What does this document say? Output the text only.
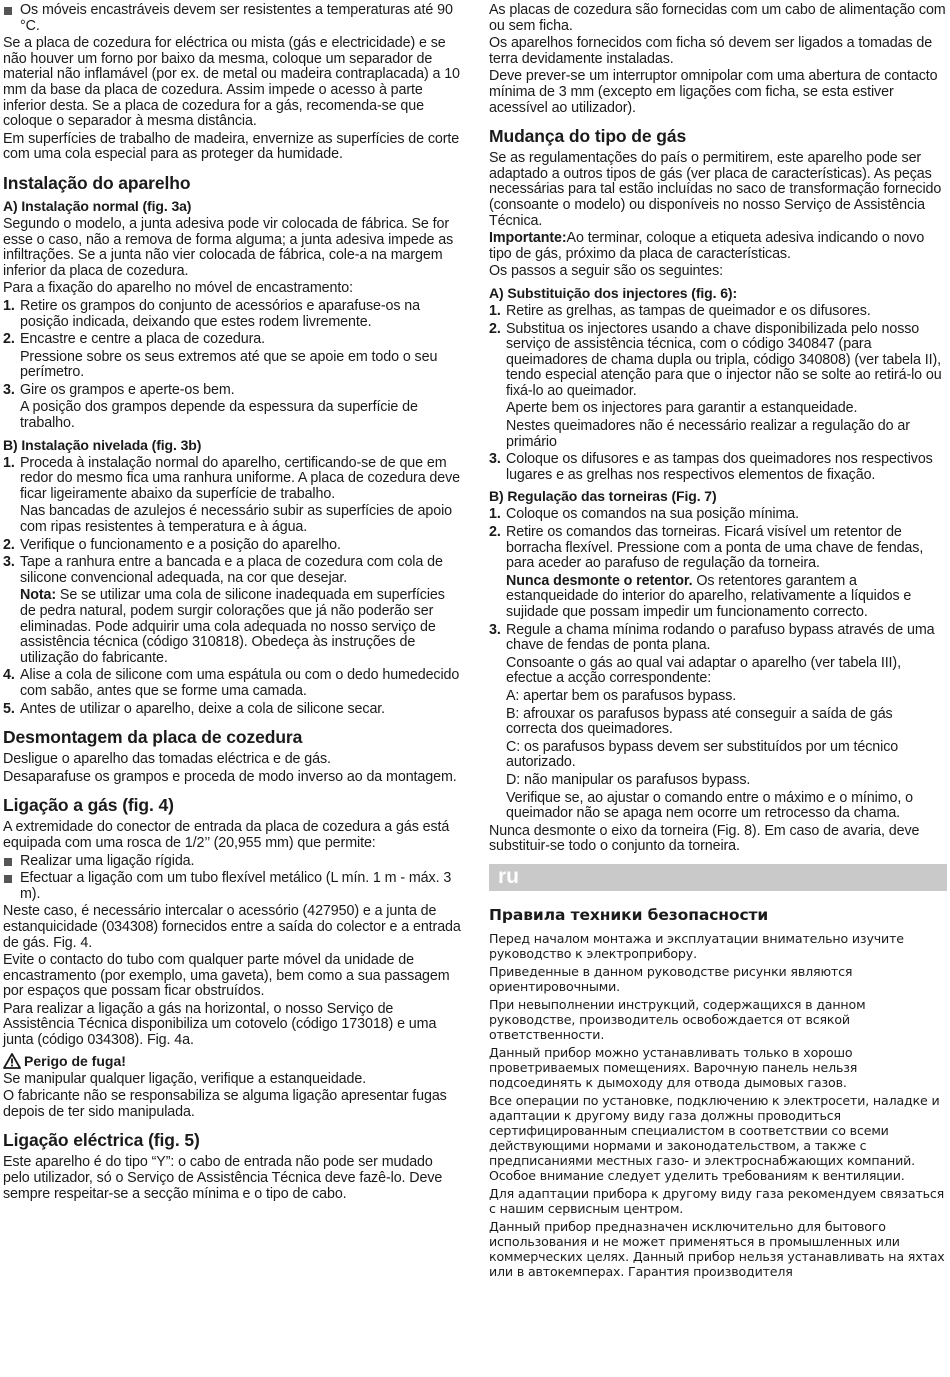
Os móveis encastráveis devem ser resistentes a temperaturas até 90 °C.

Se a placa de cozedura for eléctrica ou mista (gás e electricidade) e se não houver um forno por baixo da mesma, coloque um separador de material não inflamável (por ex. de metal ou madeira contraplacada) a 10 mm da base da placa de cozedura. Assim impede o acesso à parte inferior desta. Se a placa de cozedura for a gás, recomenda-se que coloque o separador à mesma distância.

Em superfícies de trabalho de madeira, envernize as superfícies de corte com uma cola especial para as proteger da humidade.

Instalação do aparelho
A) Instalação normal (fig. 3a)

Segundo o modelo, a junta adesiva pode vir colocada de fábrica. Se for esse o caso, não a remova de forma alguma; a junta adesiva impede as infiltrações. Se a junta não vier colocada de fábrica, cole-a na margem inferior da placa de cozedura.

Para a fixação do aparelho no móvel de encastramento:

1. Retire os grampos do conjunto de acessórios e aparafuse-os na posição indicada, deixando que estes rodem livremente.

2. Encastre e centre a placa de cozedura.

Pressione sobre os seus extremos até que se apoie em todo o seu perímetro.

3. Gire os grampos e aperte-os bem.

A posição dos grampos depende da espessura da superfície de trabalho.

B) Instalação nivelada (fig. 3b)

1. Proceda à instalação normal do aparelho, certificando-se de que em redor do mesmo fica uma ranhura uniforme. A placa de cozedura deve ficar ligeiramente abaixo da superfície de trabalho.

Nas bancadas de azulejos é necessário subir as superfícies de apoio com ripas resistentes à temperatura e à água.

2. Verifique o funcionamento e a posição do aparelho.

3. Tape a ranhura entre a bancada e a placa de cozedura com cola de silicone convencional adequada, na cor que desejar.

Nota: Se se utilizar uma cola de silicone inadequada em superfícies de pedra natural, podem surgir colorações que já não poderão ser eliminadas. Pode adquirir uma cola adequada no nosso serviço de assistência técnica (código 310818). Obedeça às instruções de utilização do fabricante.

4. Alise a cola de silicone com uma espátula ou com o dedo humedecido com sabão, antes que se forme uma camada.

5. Antes de utilizar o aparelho, deixe a cola de silicone secar.

Desmontagem da placa de cozedura

Desligue o aparelho das tomadas eléctrica e de gás.

Desaparafuse os grampos e proceda de modo inverso ao da montagem.

Ligação a gás (fig. 4)

A extremidade do conector de entrada da placa de cozedura a gás está equipada com uma rosca de 1/2’’ (20,955 mm) que permite:

Realizar uma ligação rígida.

Efectuar a ligação com um tubo flexível metálico (L mín. 1 m - máx. 3 m).

Neste caso, é necessário intercalar o acessório (427950) e a junta de estanquicidade (034308) fornecidos entre a saída do colector e a entrada de gás. Fig. 4.

Evite o contacto do tubo com qualquer parte móvel da unidade de encastramento (por exemplo, uma gaveta), bem como a sua passagem por espaços que possam ficar obstruídos.

Para realizar a ligação a gás na horizontal, o nosso Serviço de Assistência Técnica disponibiliza um cotovelo (código 173018) e uma junta (código 034308). Fig. 4a.

Perigo de fuga!

Se manipular qualquer ligação, verifique a estanqueidade.

O fabricante não se responsabiliza se alguma ligação apresentar fugas depois de ter sido manipulada.

Ligação eléctrica (fig. 5)

Este aparelho é do tipo “Y”: o cabo de entrada não pode ser mudado pelo utilizador, só o Serviço de Assistência Técnica deve fazê-lo. Deve sempre respeitar-se a secção mínima e o tipo de cabo.

As placas de cozedura são fornecidas com um cabo de alimentação com ou sem ficha.

Os aparelhos fornecidos com ficha só devem ser ligados a tomadas de terra devidamente instaladas.

Deve prever-se um interruptor omnipolar com uma abertura de contacto mínima de 3 mm (excepto em ligações com ficha, se esta estiver acessível ao utilizador).

Mudança do tipo de gás

Se as regulamentações do país o permitirem, este aparelho pode ser adaptado a outros tipos de gás (ver placa de características). As peças necessárias para tal estão incluídas no saco de transformação fornecido (consoante o modelo) ou disponíveis no nosso Serviço de Assistência Técnica.

Importante:Ao terminar, coloque a etiqueta adesiva indicando o novo tipo de gás, próximo da placa de características.

Os passos a seguir são os seguintes:

A) Substituição dos injectores (fig. 6):

1. Retire as grelhas, as tampas de queimador e os difusores.

2. Substitua os injectores usando a chave disponibilizada pelo nosso serviço de assistência técnica, com o código 340847 (para queimadores de chama dupla ou tripla, código 340808) (ver tabela II), tendo especial atenção para que o injector não se solte ao retirá-lo ou fixá-lo ao queimador.

Aperte bem os injectores para garantir a estanqueidade.

Nestes queimadores não é necessário realizar a regulação do ar primário

3. Coloque os difusores e as tampas dos queimadores nos respectivos lugares e as grelhas nos respectivos elementos de fixação.

B) Regulação das torneiras (Fig. 7)

1. Coloque os comandos na sua posição mínima.

2. Retire os comandos das torneiras. Ficará visível um retentor de borracha flexível. Pressione com a ponta de uma chave de fendas, para aceder ao parafuso de regulação da torneira.

Nunca desmonte o retentor. Os retentores garantem a estanqueidade do interior do aparelho, relativamente a líquidos e sujidade que possam impedir um funcionamento correcto.

3. Regule a chama mínima rodando o parafuso bypass através de uma chave de fendas de ponta plana.

Consoante o gás ao qual vai adaptar o aparelho (ver tabela III), efectue a acção correspondente:

A: apertar bem os parafusos bypass.

B: afrouxar os parafusos bypass até conseguir a saída de gás correcta dos queimadores.

C: os parafusos bypass devem ser substituídos por um técnico autorizado.

D: não manipular os parafusos bypass.

Verifique se, ao ajustar o comando entre o máximo e o mínimo, o queimador não se apaga nem ocorre um retrocesso da chama.

Nunca desmonte o eixo da torneira (Fig. 8). Em caso de avaria, deve substituir-se todo o conjunto da torneira.

ru
Правила техники безопасности

Перед началом монтажа и эксплуатации внимательно изучите руководство к электроприбору.

Приведенные в данном руководстве рисунки являются ориентировочными.

При невыполнении инструкций, содержащихся в данном руководстве, производитель освобождается от всякой ответственности.

Данный прибор можно устанавливать только в хорошо проветриваемых помещениях. Варочную панель нельзя подсоединять к дымоходу для отвода дымовых газов.

Все операции по установке, подключению к электросети, наладке и адаптации к другому виду газа должны проводиться сертифицированным специалистом в соответствии со всеми действующими нормами и законодательством, а также с предписаниями местных газо- и электроснабжающих компаний. Особое внимание следует уделить требованиям к вентиляции.

Для адаптации прибора к другому виду газа рекомендуем связаться с нашим сервисным центром.

Данный прибор предназначен исключительно для бытового использования и не может применяться в промышленных или коммерческих целях. Данный прибор нельзя устанавливать на яхтах или в автокемперах. Гарантия производителя
